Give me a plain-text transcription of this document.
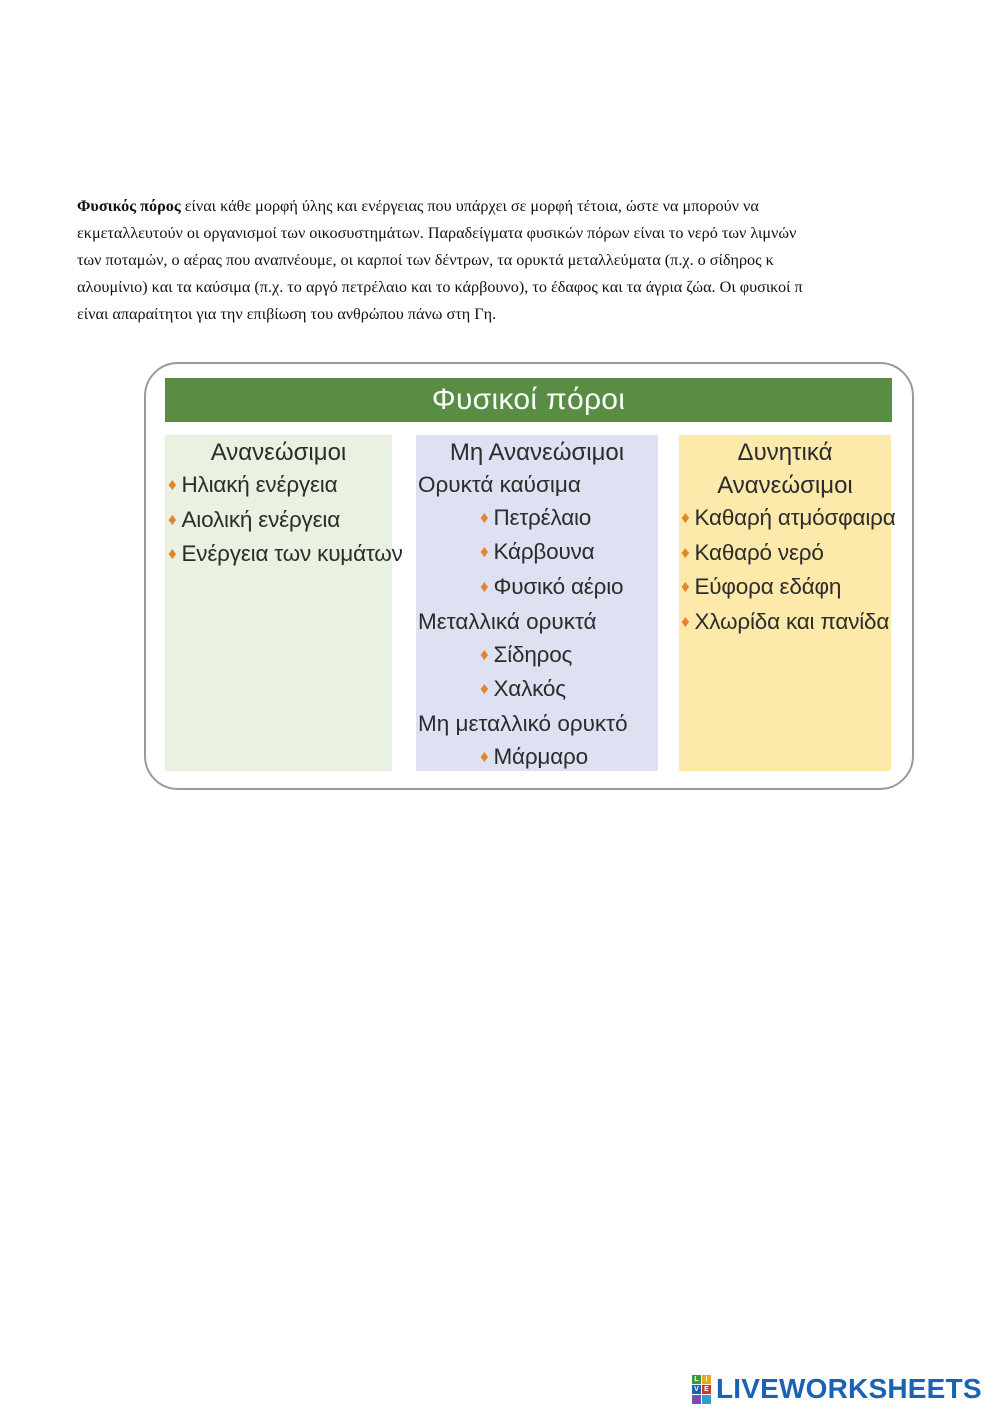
Φυσικός πόρος είναι κάθε μορφή ύλης και ενέργειας που υπάρχει σε μορφή τέτοια, ώστε να μπορούν να
εκμεταλλευτούν οι οργανισμοί των οικοσυστημάτων. Παραδείγματα φυσικών πόρων είναι το νερό των λιμνών
των ποταμών, ο αέρας που αναπνέουμε, οι καρποί των δέντρων, τα ορυκτά μεταλλεύματα (π.χ. ο σίδηρος κ
αλουμίνιο) και τα καύσιμα (π.χ. το αργό πετρέλαιο και το κάρβουνο), το έδαφος και τα άγρια ζώα. Οι φυσικοί π
είναι απαραίτητοι για την επιβίωση του ανθρώπου πάνω στη Γη.
Φυσικοί πόροι
Ανανεώσιμοι
♦ Ηλιακή ενέργεια
♦ Αιολική ενέργεια
♦ Ενέργεια των κυμάτων
Μη Ανανεώσιμοι
Ορυκτά καύσιμα
♦ Πετρέλαιο
♦ Κάρβουνα
♦ Φυσικό αέριο
Μεταλλικά ορυκτά
♦ Σίδηρος
♦ Χαλκός
Μη μεταλλικό ορυκτό
♦ Μάρμαρο
Δυνητικά
Ανανεώσιμοι
♦ Καθαρή ατμόσφαιρα
♦ Καθαρό νερό
♦ Εύφορα εδάφη
♦ Χλωρίδα και πανίδα
L I
V E LIVEWORKSHEETS
